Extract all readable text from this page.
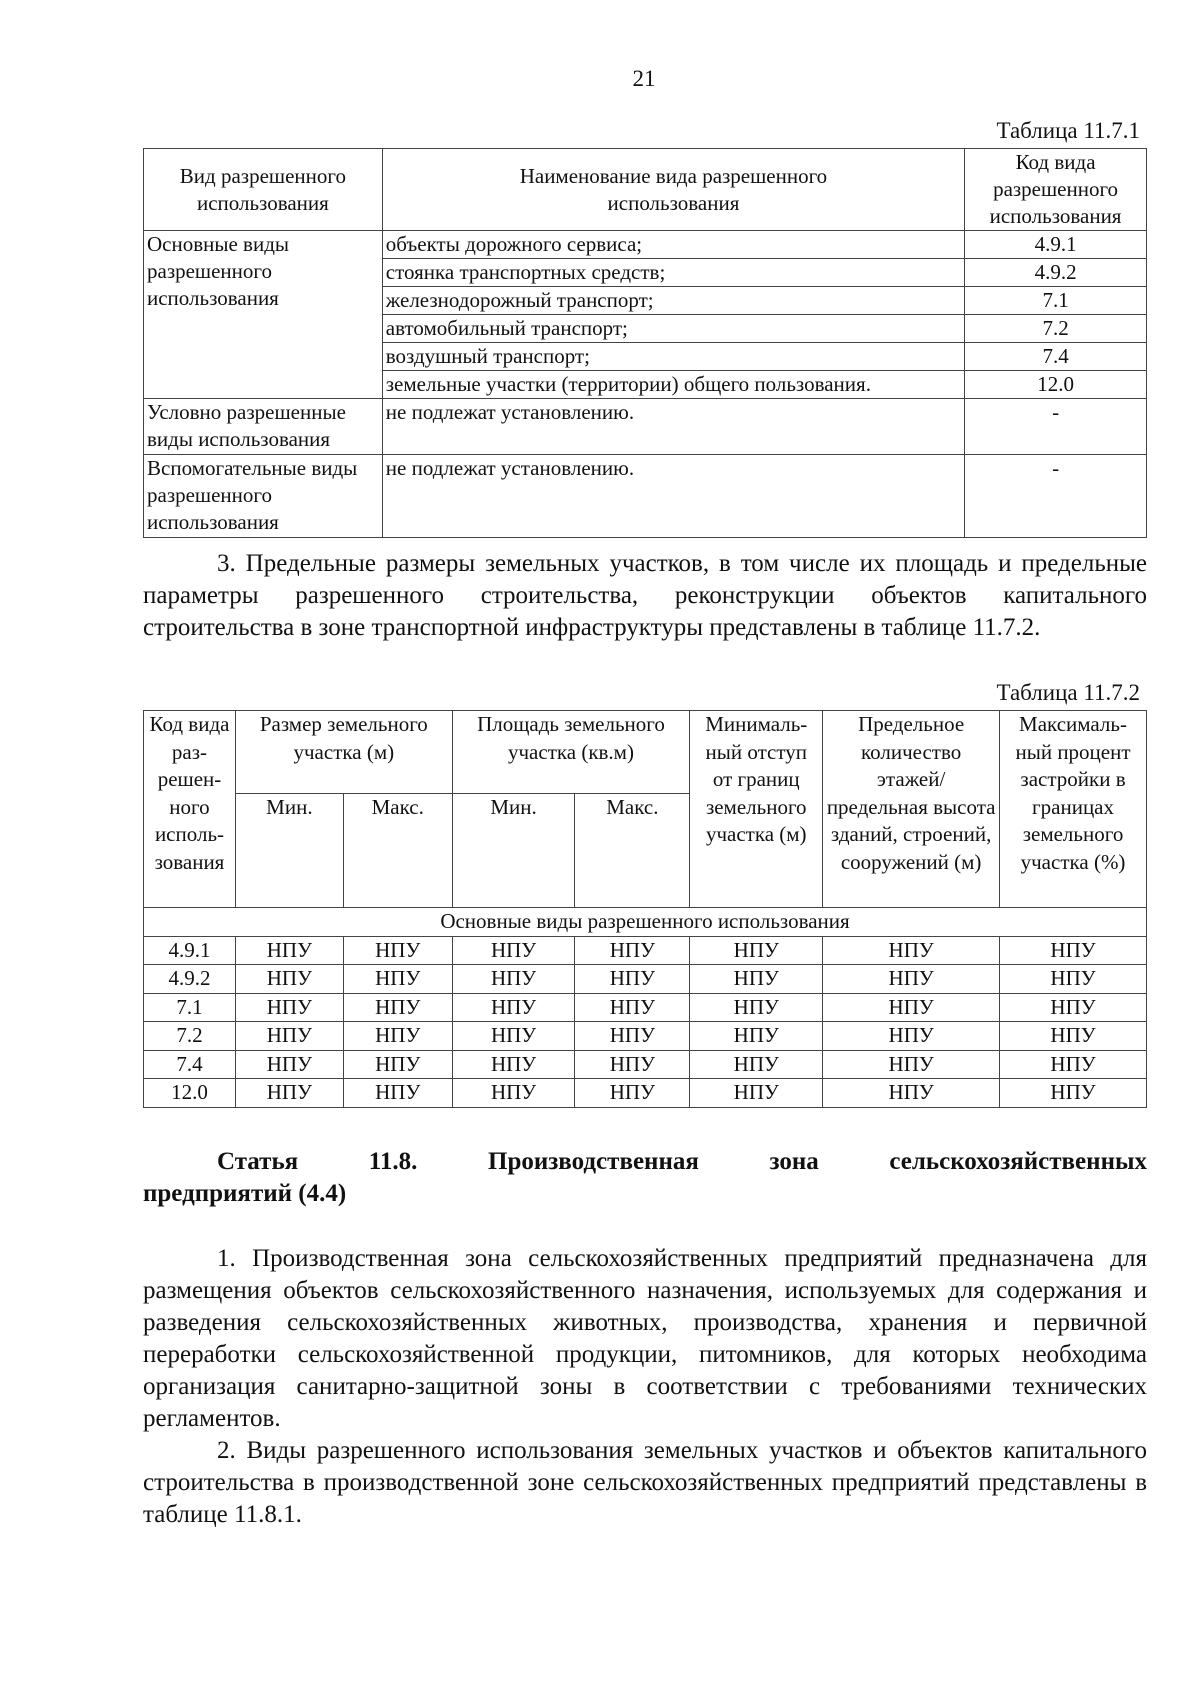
21
Таблица 11.7.1
Вид разрешенного использования	Наименование вида разрешенного использования	Код вида разрешенного использования
Основные виды разрешенного использования	объекты дорожного сервиса;	4.9.1
	стоянка транспортных средств;	4.9.2
	железнодорожный транспорт;	7.1
	автомобильный транспорт;	7.2
	воздушный транспорт;	7.4
	земельные участки (территории) общего пользования.	12.0
Условно разрешенные виды использования	не подлежат установлению.	-
Вспомогательные виды разрешенного использования	не подлежат установлению.	-
3. Предельные размеры земельных участков, в том числе их площадь и предельные параметры разрешенного строительства, реконструкции объектов капитального строительства в зоне транспортной инфраструктуры представлены в таблице 11.7.2.
Таблица 11.7.2
Код вида раз-решен-ного исполь-зования	Размер земельного участка (м)		Площадь земельного участка (кв.м)		Минималь-ный отступ от границ земельного участка (м)	Предельное количество этажей/ предельная высота зданий, строений, сооружений (м)	Максималь-ный процент застройки в границах земельного участка (%)
	Мин.	Макс.	Мин.	Макс.			
Основные виды разрешенного использования							
4.9.1	НПУ	НПУ	НПУ	НПУ	НПУ	НПУ	НПУ
4.9.2	НПУ	НПУ	НПУ	НПУ	НПУ	НПУ	НПУ
7.1	НПУ	НПУ	НПУ	НПУ	НПУ	НПУ	НПУ
7.2	НПУ	НПУ	НПУ	НПУ	НПУ	НПУ	НПУ
7.4	НПУ	НПУ	НПУ	НПУ	НПУ	НПУ	НПУ
12.0	НПУ	НПУ	НПУ	НПУ	НПУ	НПУ	НПУ
Статья 11.8. Производственная зона сельскохозяйственных
предприятий (4.4)
1. Производственная зона сельскохозяйственных предприятий предназначена для размещения объектов сельскохозяйственного назначения, используемых для содержания и разведения сельскохозяйственных животных, производства, хранения и первичной переработки сельскохозяйственной продукции, питомников, для которых необходима организация санитарно-защитной зоны в соответствии с требованиями технических регламентов.
2. Виды разрешенного использования земельных участков и объектов капитального строительства в производственной зоне сельскохозяйственных предприятий представлены в таблице 11.8.1.
